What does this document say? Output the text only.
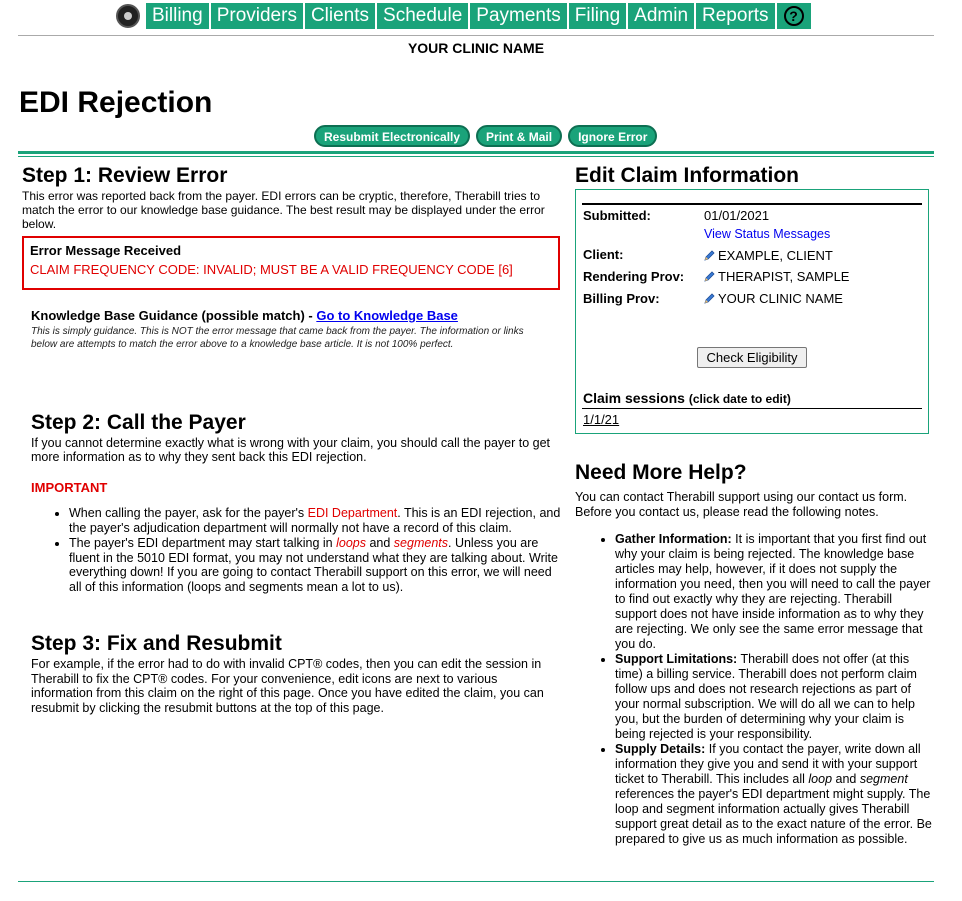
Billing Providers Clients Schedule Payments Filing Admin Reports	?
YOUR CLINIC NAME
EDI Rejection
Resubmit Electronically	Print & Mail	Ignore Error
Step 1: Review Error

This error was reported back from the payer. EDI errors can be cryptic, therefore, Therabill tries to match the error to our knowledge base guidance. The best result may be displayed under the error below.

Error Message Received
CLAIM FREQUENCY CODE: INVALID; MUST BE A VALID FREQUENCY CODE [6]
Knowledge Base Guidance (possible match) - Go to Knowledge Base
This is simply guidance. This is NOT the error message that came back from the payer. The information or links below are attempts to match the error above to a knowledge base article. It is not 100% perfect.
Step 2: Call the Payer

If you cannot determine exactly what is wrong with your claim, you should call the payer to get more information as to why they sent back this EDI rejection.

IMPORTANT
• When calling the payer, ask for the payer's EDI Department. This is an EDI rejection, and the payer's adjudication department will normally not have a record of this claim.
• The payer's EDI department may start talking in loops and segments. Unless you are fluent in the 5010 EDI format, you may not understand what they are talking about. Write everything down! If you are going to contact Therabill support on this error, we will need all of this information (loops and segments mean a lot to us).
Step 3: Fix and Resubmit

For example, if the error had to do with invalid CPT® codes, then you can edit the session in Therabill to fix the CPT® codes. For your convenience, edit icons are next to various information from this claim on the right of this page. Once you have edited the claim, you can resubmit by clicking the resubmit buttons at the top of this page.

Edit Claim Information
Submitted:	01/01/2021
View Status Messages
Client:	EXAMPLE, CLIENT
Rendering Prov:	THERAPIST, SAMPLE
Billing Prov:	YOUR CLINIC NAME
Check Eligibility
Claim sessions (click date to edit)
1/1/21
Need More Help?

You can contact Therabill support using our contact us form. Before you contact us, please read the following notes.

• Gather Information: It is important that you first find out why your claim is being rejected. The knowledge base articles may help, however, if it does not supply the information you need, then you will need to call the payer to find out exactly why they are rejecting. Therabill support does not have inside information as to why they are rejecting. We only see the same error message that you do.
• Support Limitations: Therabill does not offer (at this time) a billing service. Therabill does not perform claim follow ups and does not research rejections as part of your normal subscription. We will do all we can to help you, but the burden of determining why your claim is being rejected is your responsibility.
• Supply Details: If you contact the payer, write down all information they give you and send it with your support ticket to Therabill. This includes all loop and segment references the payer's EDI department might supply. The loop and segment information actually gives Therabill support great detail as to the exact nature of the error. Be prepared to give us as much information as possible.
